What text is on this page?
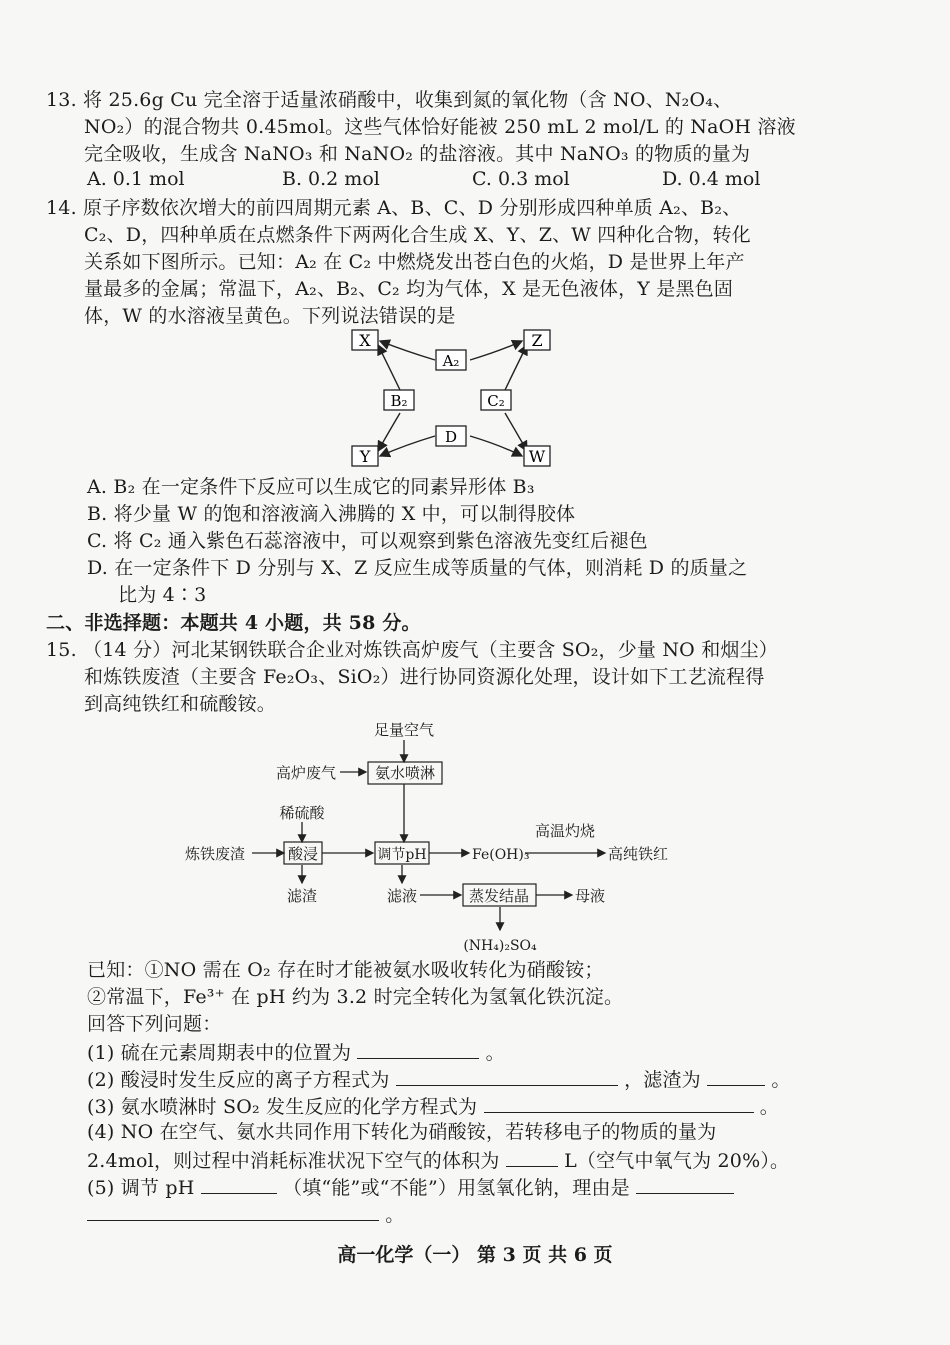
13. 将 25.6g Cu 完全溶于适量浓硝酸中，收集到氮的氧化物（含 NO、N₂O₄、
NO₂）的混合物共 0.45mol。这些气体恰好能被 250 mL 2 mol/L 的 NaOH 溶液
完全吸收，生成含 NaNO₃ 和 NaNO₂ 的盐溶液。其中 NaNO₃ 的物质的量为
A. 0.1 mol	B. 0.2 mol	C. 0.3 mol	D. 0.4 mol
14. 原子序数依次增大的前四周期元素 A、B、C、D 分别形成四种单质 A₂、B₂、
C₂、D，四种单质在点燃条件下两两化合生成 X、Y、Z、W 四种化合物，转化
关系如下图所示。已知：A₂ 在 C₂ 中燃烧发出苍白色的火焰，D 是世界上年产
量最多的金属；常温下，A₂、B₂、C₂ 均为气体，X 是无色液体，Y 是黑色固
体，W 的水溶液呈黄色。下列说法错误的是
X	Z
Y	W
A₂
B₂	C₂
D
A. B₂ 在一定条件下反应可以生成它的同素异形体 B₃
B. 将少量 W 的饱和溶液滴入沸腾的 X 中，可以制得胶体
C. 将 C₂ 通入紫色石蕊溶液中，可以观察到紫色溶液先变红后褪色
D. 在一定条件下 D 分别与 X、Z 反应生成等质量的气体，则消耗 D 的质量之
比为 4∶3
二、非选择题：本题共 4 小题，共 58 分。
15. （14 分）河北某钢铁联合企业对炼铁高炉废气（主要含 SO₂，少量 NO 和烟尘）
和炼铁废渣（主要含 Fe₂O₃、SiO₂）进行协同资源化处理，设计如下工艺流程得
到高纯铁红和硫酸铵。
足量空气
高炉废气	氨水喷淋
稀硫酸
炼铁废渣	酸浸	调节pH	Fe(OH)₃
高温灼烧
高纯铁红
滤渣	滤液	蒸发结晶	母液
(NH₄)₂SO₄
已知：①NO 需在 O₂ 存在时才能被氨水吸收转化为硝酸铵；
②常温下，Fe³⁺ 在 pH 约为 3.2 时完全转化为氢氧化铁沉淀。
回答下列问题：
(1) 硫在元素周期表中的位置为	。
(2) 酸浸时发生反应的离子方程式为	，滤渣为	。
(3) 氨水喷淋时 SO₂ 发生反应的化学方程式为	。
(4) NO 在空气、氨水共同作用下转化为硝酸铵，若转移电子的物质的量为
2.4mol，则过程中消耗标准状况下空气的体积为	L（空气中氧气为 20%）。
(5) 调节 pH	（填“能”或“不能”）用氢氧化钠，理由是
。
高一化学（一） 第 3 页 共 6 页
